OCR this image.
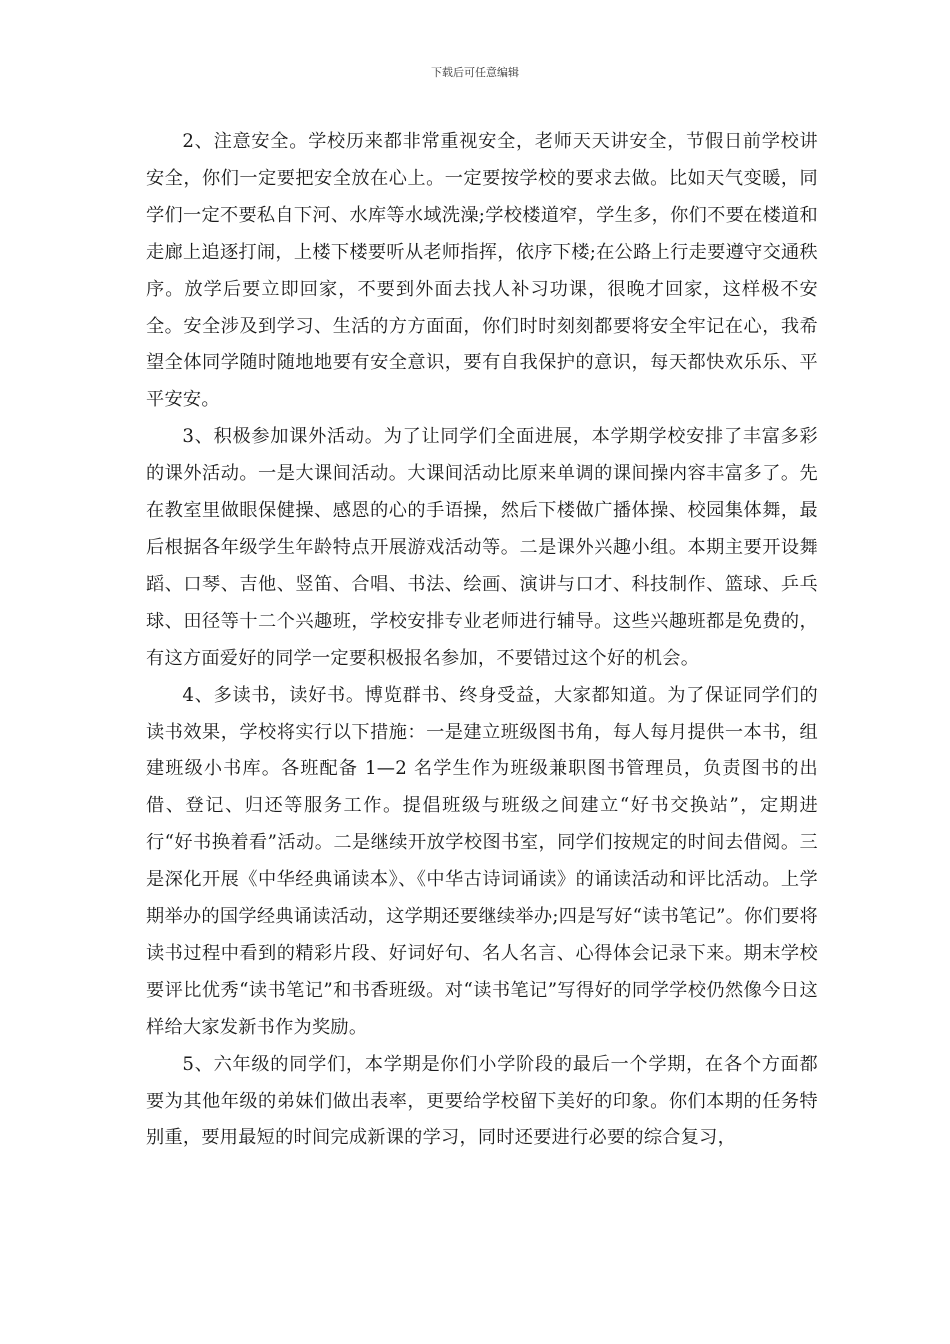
下载后可任意编辑

2、注意安全。学校历来都非常重视安全，老师天天讲安全，节假日前学校讲安全，你们一定要把安全放在心上。一定要按学校的要求去做。比如天气变暖，同学们一定不要私自下河、水库等水域洗澡;学校楼道窄，学生多，你们不要在楼道和走廊上追逐打闹，上楼下楼要听从老师指挥，依序下楼;在公路上行走要遵守交通秩序。放学后要立即回家，不要到外面去找人补习功课，很晚才回家，这样极不安全。安全涉及到学习、生活的方方面面，你们时时刻刻都要将安全牢记在心，我希望全体同学随时随地地要有安全意识，要有自我保护的意识，每天都快欢乐乐、平平安安。

3、积极参加课外活动。为了让同学们全面进展，本学期学校安排了丰富多彩的课外活动。一是大课间活动。大课间活动比原来单调的课间操内容丰富多了。先在教室里做眼保健操、感恩的心的手语操，然后下楼做广播体操、校园集体舞，最后根据各年级学生年龄特点开展游戏活动等。二是课外兴趣小组。本期主要开设舞蹈、口琴、吉他、竖笛、合唱、书法、绘画、演讲与口才、科技制作、篮球、乒乓球、田径等十二个兴趣班，学校安排专业老师进行辅导。这些兴趣班都是免费的，有这方面爱好的同学一定要积极报名参加，不要错过这个好的机会。

4、多读书，读好书。博览群书、终身受益，大家都知道。为了保证同学们的读书效果，学校将实行以下措施：一是建立班级图书角，每人每月提供一本书，组建班级小书库。各班配备 1—2 名学生作为班级兼职图书管理员，负责图书的出借、登记、归还等服务工作。提倡班级与班级之间建立“好书交换站”，定期进行“好书换着看”活动。二是继续开放学校图书室，同学们按规定的时间去借阅。三是深化开展《中华经典诵读本》、《中华古诗词诵读》的诵读活动和评比活动。上学期举办的国学经典诵读活动，这学期还要继续举办;四是写好“读书笔记”。你们要将读书过程中看到的精彩片段、好词好句、名人名言、心得体会记录下来。期末学校要评比优秀“读书笔记”和书香班级。对“读书笔记”写得好的同学学校仍然像今日这样给大家发新书作为奖励。

5、六年级的同学们，本学期是你们小学阶段的最后一个学期，在各个方面都要为其他年级的弟妹们做出表率，更要给学校留下美好的印象。你们本期的任务特别重，要用最短的时间完成新课的学习，同时还要进行必要的综合复习，
